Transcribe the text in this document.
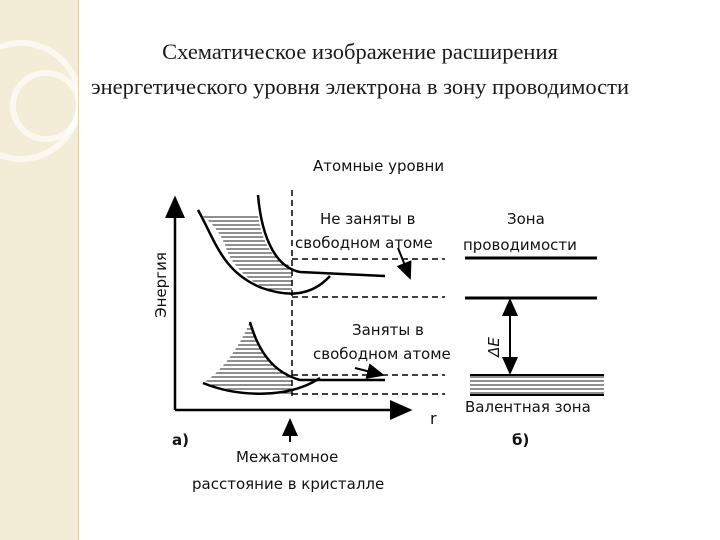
Схематическое изображение расширения
энергетического уровня электрона в зону проводимости
Атомные уровни
Не заняты в
свободном атоме
Заняты в
свободном атоме
Энергия
r
а)	б)
Межатомное
расстояние в кристалле
Зона
проводимости
ΔE
Валентная зона
